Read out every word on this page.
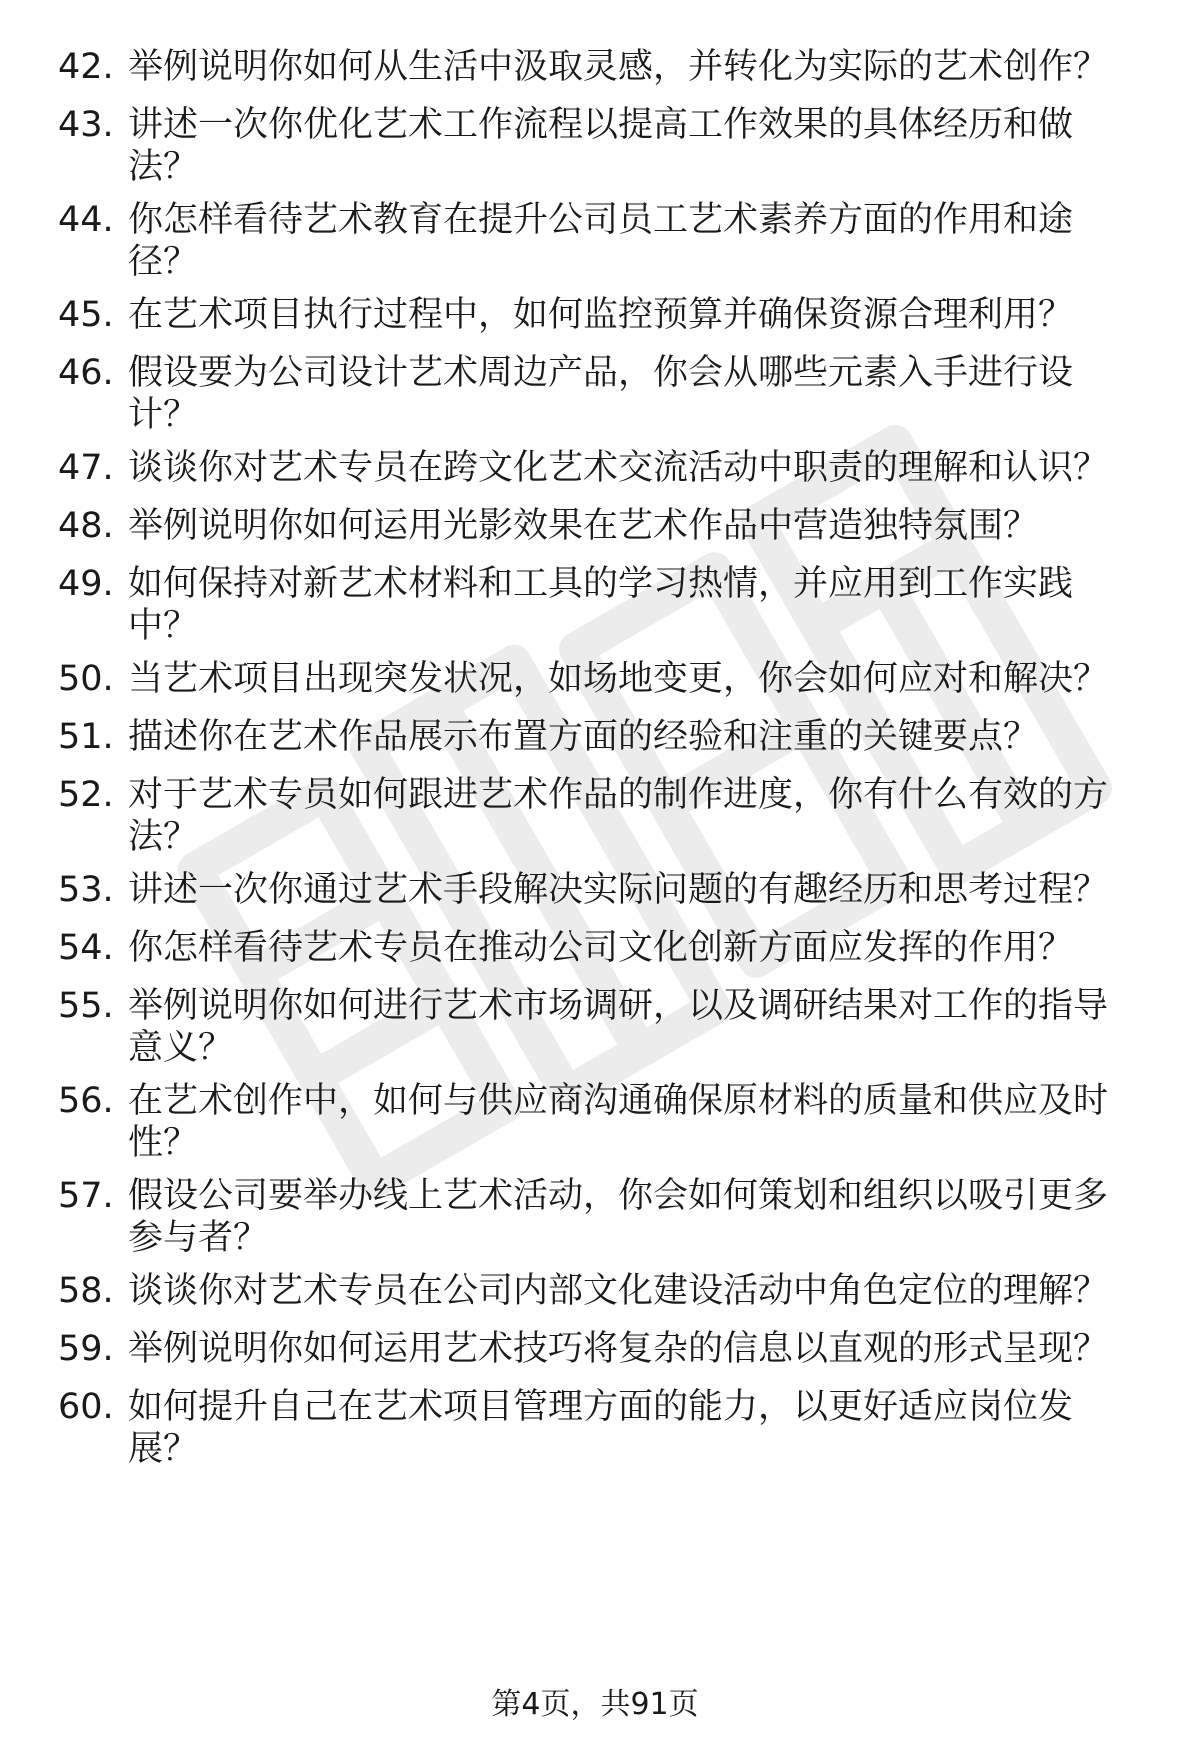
42. 举例说明你如何从生活中汲取灵感，并转化为实际的艺术创作？
43. 讲述一次你优化艺术工作流程以提高工作效果的具体经历和做法？
44. 你怎样看待艺术教育在提升公司员工艺术素养方面的作用和途径？
45. 在艺术项目执行过程中，如何监控预算并确保资源合理利用？
46. 假设要为公司设计艺术周边产品，你会从哪些元素入手进行设计？
47. 谈谈你对艺术专员在跨文化艺术交流活动中职责的理解和认识？
48. 举例说明你如何运用光影效果在艺术作品中营造独特氛围？
49. 如何保持对新艺术材料和工具的学习热情，并应用到工作实践中？
50. 当艺术项目出现突发状况，如场地变更，你会如何应对和解决？
51. 描述你在艺术作品展示布置方面的经验和注重的关键要点？
52. 对于艺术专员如何跟进艺术作品的制作进度，你有什么有效的方法？
53. 讲述一次你通过艺术手段解决实际问题的有趣经历和思考过程？
54. 你怎样看待艺术专员在推动公司文化创新方面应发挥的作用？
55. 举例说明你如何进行艺术市场调研，以及调研结果对工作的指导意义？
56. 在艺术创作中，如何与供应商沟通确保原材料的质量和供应及时性？
57. 假设公司要举办线上艺术活动，你会如何策划和组织以吸引更多参与者？
58. 谈谈你对艺术专员在公司内部文化建设活动中角色定位的理解？
59. 举例说明你如何运用艺术技巧将复杂的信息以直观的形式呈现？
60. 如何提升自己在艺术项目管理方面的能力，以更好适应岗位发展？
第4页，共91页
